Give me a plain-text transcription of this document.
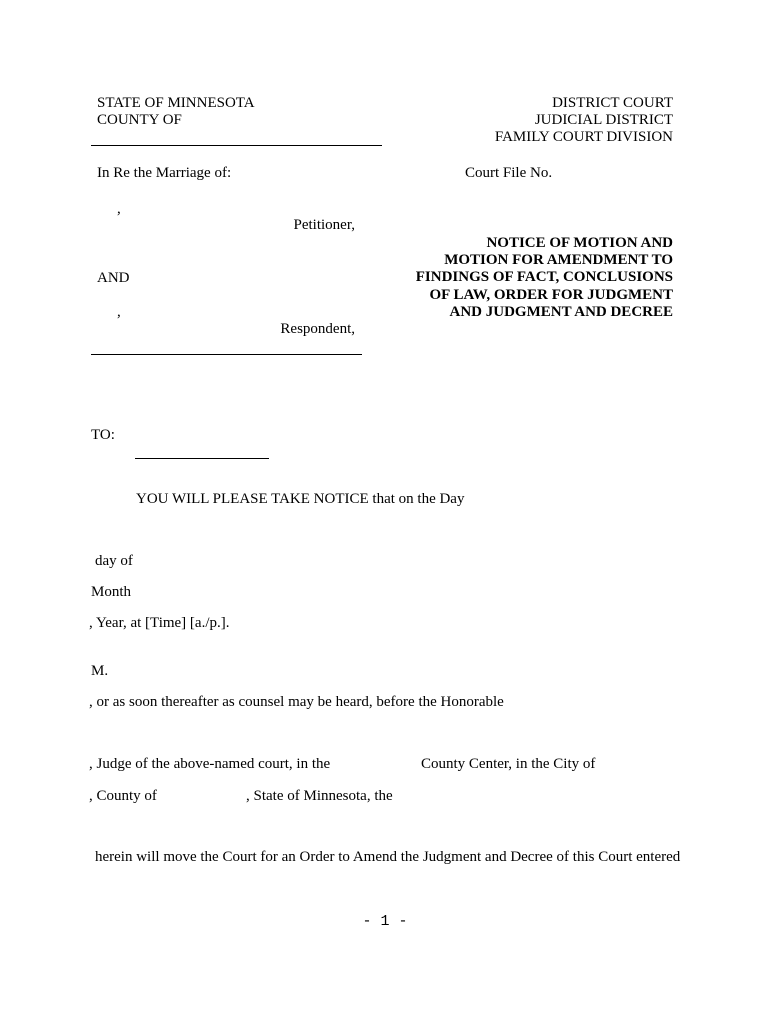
STATE OF MINNESOTA
COUNTY OF
DISTRICT COURT
JUDICIAL DISTRICT
FAMILY COURT DIVISION
In Re the Marriage of:	Court File No.
,
Petitioner,
AND
,
Respondent,
NOTICE OF MOTION AND
MOTION FOR AMENDMENT TO
FINDINGS OF FACT, CONCLUSIONS
OF LAW, ORDER FOR JUDGMENT
AND JUDGMENT AND DECREE
TO:
YOU WILL PLEASE TAKE NOTICE that on the Day
day of
Month
, Year, at [Time] [a./p.].
M.
, or as soon thereafter as counsel may be heard, before the Honorable
, Judge of the above-named court, in the	County Center, in the City of
, County of	, State of Minnesota, the
herein will move the Court for an Order to Amend the Judgment and Decree of this Court entered
- 1 -
